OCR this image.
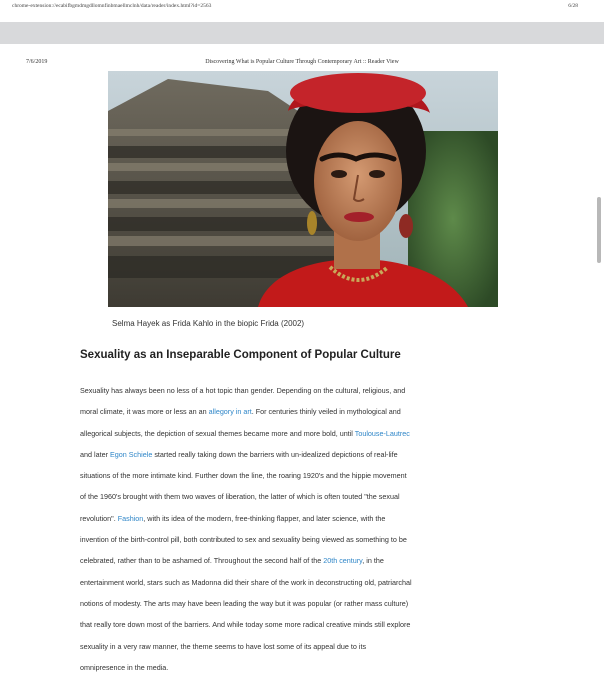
chrome-extension://ecabifbgmdmgdllomnfinbmaellmclnh/data/reader/index.html?id=2563	6/28
7/6/2019	Discovering What is Popular Culture Through Contemporary Art :: Reader View
Selma Hayek as Frida Kahlo in the biopic Frida (2002)
Sexuality as an Inseparable Component of Popular Culture
Sexuality has always been no less of a hot topic than gender. Depending on the cultural, religious, and
moral climate, it was more or less an an allegory in art. For centuries thinly veiled in mythological and
allegorical subjects, the depiction of sexual themes became more and more bold, until Toulouse-Lautrec
and later Egon Schiele started really taking down the barriers with un-idealized depictions of real-life
situations of the more intimate kind. Further down the line, the roaring 1920's and the hippie movement
of the 1960's brought with them two waves of liberation, the latter of which is often touted "the sexual
revolution". Fashion, with its idea of the modern, free-thinking flapper, and later science, with the
invention of the birth-control pill, both contributed to sex and sexuality being viewed as something to be
celebrated, rather than to be ashamed of. Throughout the second half of the 20th century, in the
entertainment world, stars such as Madonna did their share of the work in deconstructing old, patriarchal
notions of modesty. The arts may have been leading the way but it was popular (or rather mass culture)
that really tore down most of the barriers. And while today some more radical creative minds still explore
sexuality in a very raw manner, the theme seems to have lost some of its appeal due to its
omnipresence in the media.
